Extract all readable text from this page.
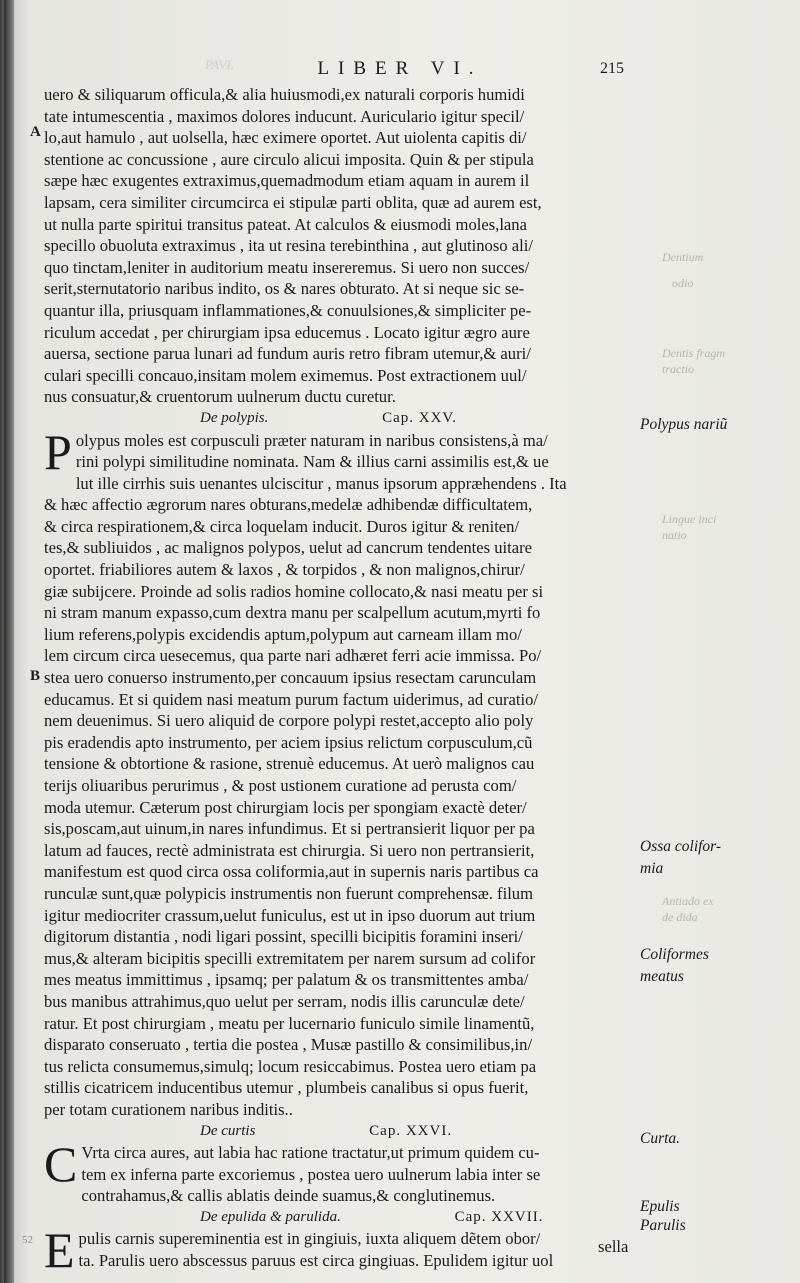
PAVL	LIBER VI.	215
Dentium
odio
Dentis fragm
tractio
Lingue inci
natio
Antiado ex
de dida
A
B
uero & siliquarum officula,& alia huiusmodi,ex naturali corporis humidi
tate intumescentia , maximos dolores inducunt. Auriculario igitur specil/
lo,aut hamulo , aut uolsella, hæc eximere oportet. Aut uiolenta capitis di/
stentione ac concussione , aure circulo alicui imposita. Quin & per stipula
sæpe hæc exugentes extraximus,quemadmodum etiam aquam in aurem il
lapsam, cera similiter circumcirca ei stipulæ parti oblita, quæ ad aurem est,
ut nulla parte spiritui transitus pateat. At calculos & eiusmodi moles,lana
specillo obuoluta extraximus , ita ut resina terebinthina , aut glutinoso ali/
quo tinctam,leniter in auditorium meatu insereremus. Si uero non succes/
serit,sternutatorio naribus indito, os & nares obturato. At si neque sic se-
quantur illa, priusquam inflammationes,& conuulsiones,& simpliciter pe-
riculum accedat , per chirurgiam ipsa educemus . Locato igitur ægro aure
auersa, sectione parua lunari ad fundum auris retro fibram utemur,& auri/
culari specilli concauo,insitam molem eximemus. Post extractionem uul/
nus consuatur,& cruentorum uulnerum ductu curetur.
De polypis.	Cap. XXV.
P olypus moles est corpusculi præter naturam in naribus consistens,à ma/
rini polypi similitudine nominata. Nam & illius carni assimilis est,& ue
lut ille cirrhis suis uenantes ulciscitur , manus ipsorum appræhendens . Ita
& hæc affectio ægrorum nares obturans,medelæ adhibendæ difficultatem,
& circa respirationem,& circa loquelam inducit. Duros igitur & reniten/
tes,& subliuidos , ac malignos polypos, uelut ad cancrum tendentes uitare
oportet. friabiliores autem & laxos , & torpidos , & non malignos,chirur/
giæ subijcere. Proinde ad solis radios homine collocato,& nasi meatu per si
ni stram manum expasso,cum dextra manu per scalpellum acutum,myrti fo
lium referens,polypis excidendis aptum,polypum aut carneam illam mo/
lem circum circa uesecemus, qua parte nari adhæret ferri acie immissa. Po/
stea uero conuerso instrumento,per concauum ipsius resectam carunculam
educamus. Et si quidem nasi meatum purum factum uiderimus, ad curatio/
nem deuenimus. Si uero aliquid de corpore polypi restet,accepto alio poly
pis eradendis apto instrumento, per aciem ipsius relictum corpusculum,cũ
tensione & obtortione & rasione, strenuè educemus. At uerò malignos cau
terijs oliuaribus perurimus , & post ustionem curatione ad perusta com/
moda utemur. Cæterum post chirurgiam locis per spongiam exactè deter/
sis,poscam,aut uinum,in nares infundimus. Et si pertransierit liquor per pa
latum ad fauces, rectè administrata est chirurgia. Si uero non pertransierit,
manifestum est quod circa ossa coliformia,aut in supernis naris partibus ca
runculæ sunt,quæ polypicis instrumentis non fuerunt comprehensæ. filum
igitur mediocriter crassum,uelut funiculus, est ut in ipso duorum aut trium
digitorum distantia , nodi ligari possint, specilli bicipitis foramini inseri/
mus,& alteram bicipitis specilli extremitatem per narem sursum ad colifor
mes meatus immittimus , ipsamq; per palatum & os transmittentes amba/
bus manibus attrahimus,quo uelut per serram, nodis illis carunculæ dete/
ratur. Et post chirurgiam , meatu per lucernario funiculo simile linamentũ,
disparato conseruato , tertia die postea , Musæ pastillo & consimilibus,in/
tus relicta consumemus,simulq; locum resiccabimus. Postea uero etiam pa
stillis cicatricem inducentibus utemur , plumbeis canalibus si opus fuerit,
per totam curationem naribus inditis..
De curtis	Cap. XXVI.
C Vrta circa aures, aut labia hac ratione tractatur,ut primum quidem cu-
tem ex inferna parte excoriemus , postea uero uulnerum labia inter se
contrahamus,& callis ablatis deinde suamus,& conglutinemus.
De epulida & parulida.	Cap. XXVII.
E pulis carnis supereminentia est in gingiuis, iuxta aliquem dẽtem obor/
ta. Parulis uero abscessus paruus est circa gingiuas. Epulidem igitur uol
sella
Polypus nariũ
Ossa colifor-
mia
Coliformes
meatus
Curta.
Epulis
Parulis
52
